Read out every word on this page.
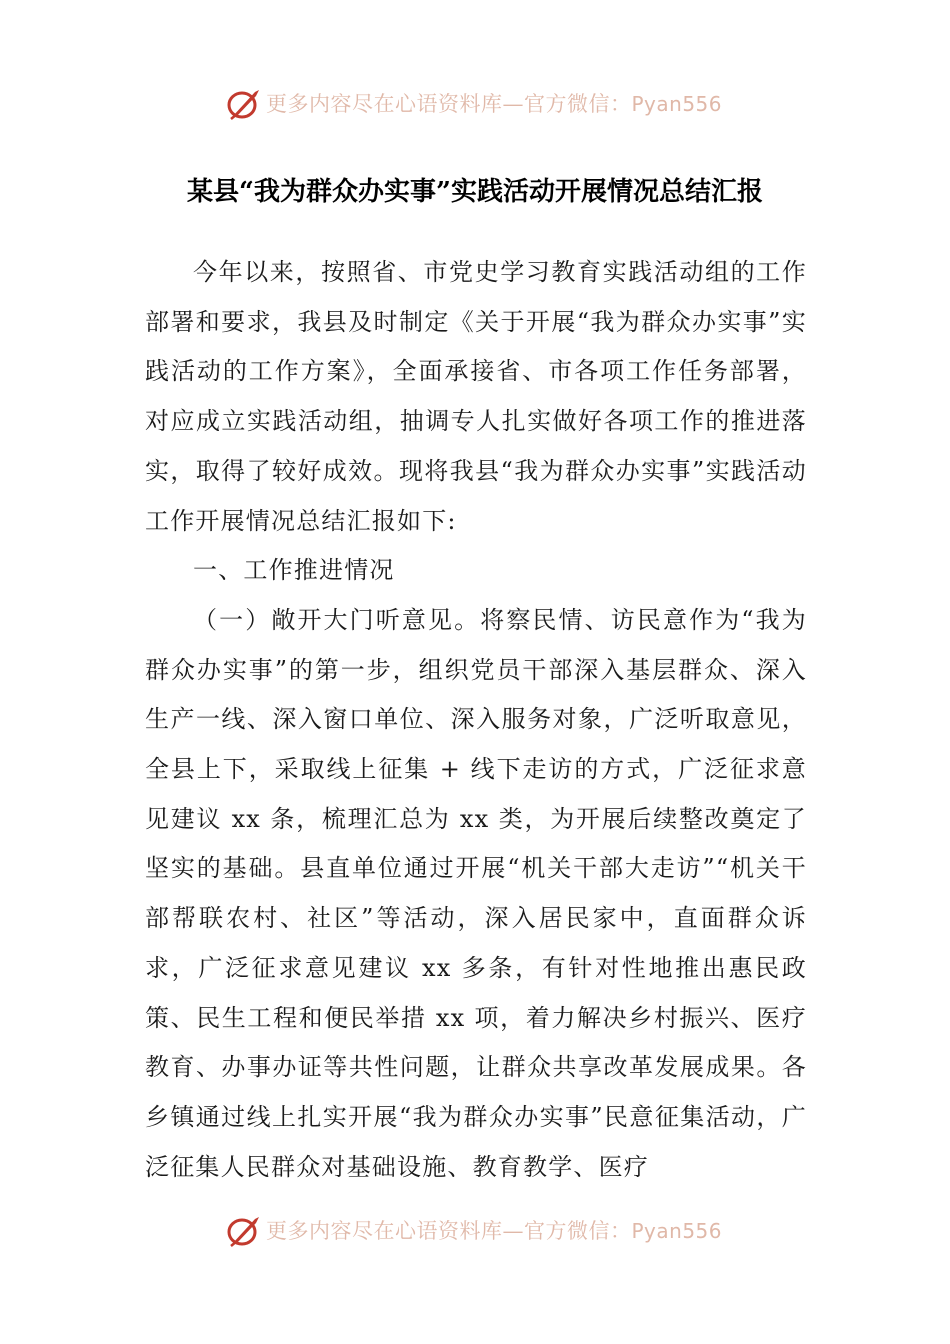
更多内容尽在心语资料库—官方微信：Pyan556
某县“我为群众办实事”实践活动开展情况总结汇报

今年以来，按照省、市党史学习教育实践活动组的工作部署和要求，我县及时制定《关于开展“我为群众办实事”实践活动的工作方案》，全面承接省、市各项工作任务部署，对应成立实践活动组，抽调专人扎实做好各项工作的推进落实，取得了较好成效。现将我县“我为群众办实事”实践活动工作开展情况总结汇报如下:

一、工作推进情况

（一）敞开大门听意见。将察民情、访民意作为“我为群众办实事”的第一步，组织党员干部深入基层群众、深入生产一线、深入窗口单位、深入服务对象，广泛听取意见，全县上下，采取线上征集 + 线下走访的方式，广泛征求意见建议 xx 条，梳理汇总为 xx 类，为开展后续整改奠定了坚实的基础。县直单位通过开展“机关干部大走访”“机关干部帮联农村、社区”等活动，深入居民家中，直面群众诉求，广泛征求意见建议 xx 多条，有针对性地推出惠民政策、民生工程和便民举措 xx 项，着力解决乡村振兴、医疗教育、办事办证等共性问题，让群众共享改革发展成果。各乡镇通过线上扎实开展“我为群众办实事”民意征集活动，广泛征集人民群众对基础设施、教育教学、医疗

更多内容尽在心语资料库—官方微信：Pyan556
